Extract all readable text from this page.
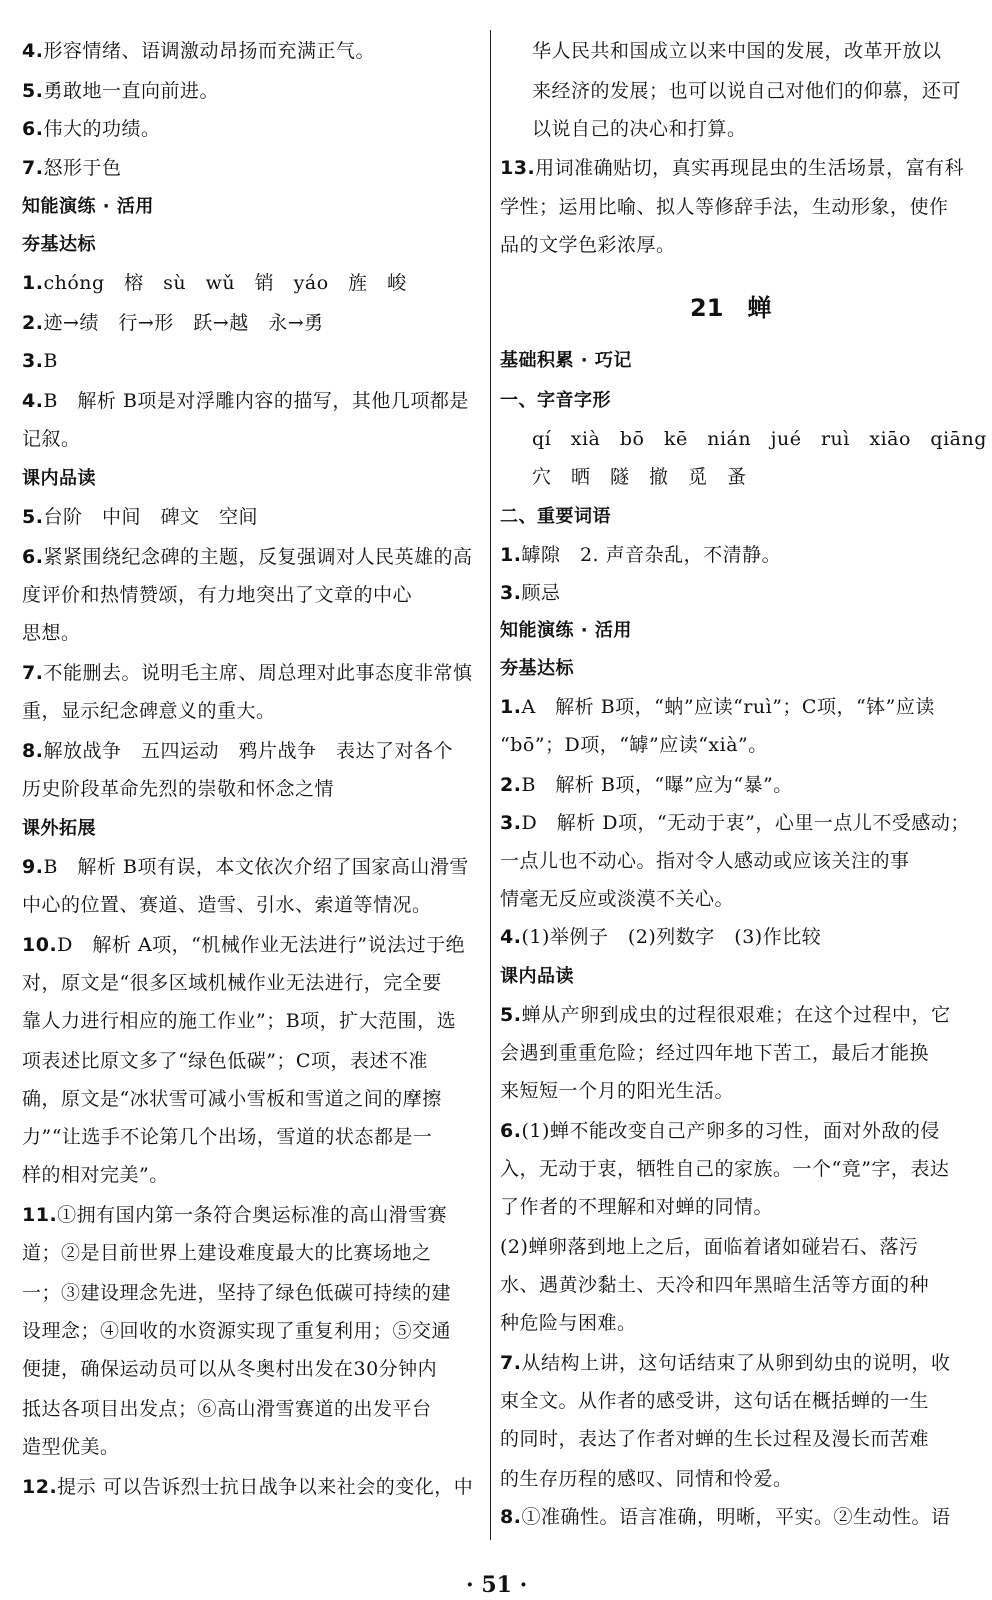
4.形容情绪、语调激动昂扬而充满正气。
5.勇敢地一直向前进。
6.伟大的功绩。
7.怒形于色
知能演练 · 活用
夯基达标
1.chóng　榕　sù　wǔ　销　yáo　旌　峻
2.迹→绩　行→形　跃→越　永→勇
3.B
4.B　解析 B项是对浮雕内容的描写，其他几项都是
记叙。
课内品读
5.台阶　中间　碑文　空间
6.紧紧围绕纪念碑的主题，反复强调对人民英雄的高
度评价和热情赞颂，有力地突出了文章的中心
思想。
7.不能删去。说明毛主席、周总理对此事态度非常慎
重，显示纪念碑意义的重大。
8.解放战争　五四运动　鸦片战争　表达了对各个
历史阶段革命先烈的崇敬和怀念之情
课外拓展
9.B　解析 B项有误，本文依次介绍了国家高山滑雪
中心的位置、赛道、造雪、引水、索道等情况。
10.D　解析 A项，“机械作业无法进行”说法过于绝
对，原文是“很多区域机械作业无法进行，完全要
靠人力进行相应的施工作业”；B项，扩大范围，选
项表述比原文多了“绿色低碳”；C项，表述不准
确，原文是“冰状雪可减小雪板和雪道之间的摩擦
力”“让选手不论第几个出场，雪道的状态都是一
样的相对完美”。
11.①拥有国内第一条符合奥运标准的高山滑雪赛
道；②是目前世界上建设难度最大的比赛场地之
一；③建设理念先进，坚持了绿色低碳可持续的建
设理念；④回收的水资源实现了重复利用；⑤交通
便捷，确保运动员可以从冬奥村出发在30分钟内
抵达各项目出发点；⑥高山滑雪赛道的出发平台
造型优美。
12.提示 可以告诉烈士抗日战争以来社会的变化，中
华人民共和国成立以来中国的发展，改革开放以
来经济的发展；也可以说自己对他们的仰慕，还可
以说自己的决心和打算。
13.用词准确贴切，真实再现昆虫的生活场景，富有科
学性；运用比喻、拟人等修辞手法，生动形象，使作
品的文学色彩浓厚。
21　蝉
基础积累 · 巧记
一、字音字形
qí　xià　bō　kē　nián　jué　ruì　xiāo　qiāng
穴　晒　隧　撤　觅　蚤
二、重要词语
1.罅隙　2. 声音杂乱，不清静。
3.顾忌
知能演练 · 活用
夯基达标
1.A　解析 B项，“蚋”应读“ruì”；C项，“钵”应读
“bō”；D项，“罅”应读“xià”。
2.B　解析 B项，“曝”应为“暴”。
3.D　解析 D项，“无动于衷”，心里一点儿不受感动；
一点儿也不动心。指对令人感动或应该关注的事
情毫无反应或淡漠不关心。
4.(1)举例子　(2)列数字　(3)作比较
课内品读
5.蝉从产卵到成虫的过程很艰难；在这个过程中，它
会遇到重重危险；经过四年地下苦工，最后才能换
来短短一个月的阳光生活。
6.(1)蝉不能改变自己产卵多的习性，面对外敌的侵
入，无动于衷，牺牲自己的家族。一个“竟”字，表达
了作者的不理解和对蝉的同情。
(2)蝉卵落到地上之后，面临着诸如碰岩石、落污
水、遇黄沙黏土、天冷和四年黑暗生活等方面的种
种危险与困难。
7.从结构上讲，这句话结束了从卵到幼虫的说明，收
束全文。从作者的感受讲，这句话在概括蝉的一生
的同时，表达了作者对蝉的生长过程及漫长而苦难
的生存历程的感叹、同情和怜爱。
8.①准确性。语言准确，明晰，平实。②生动性。语
· 51 ·
